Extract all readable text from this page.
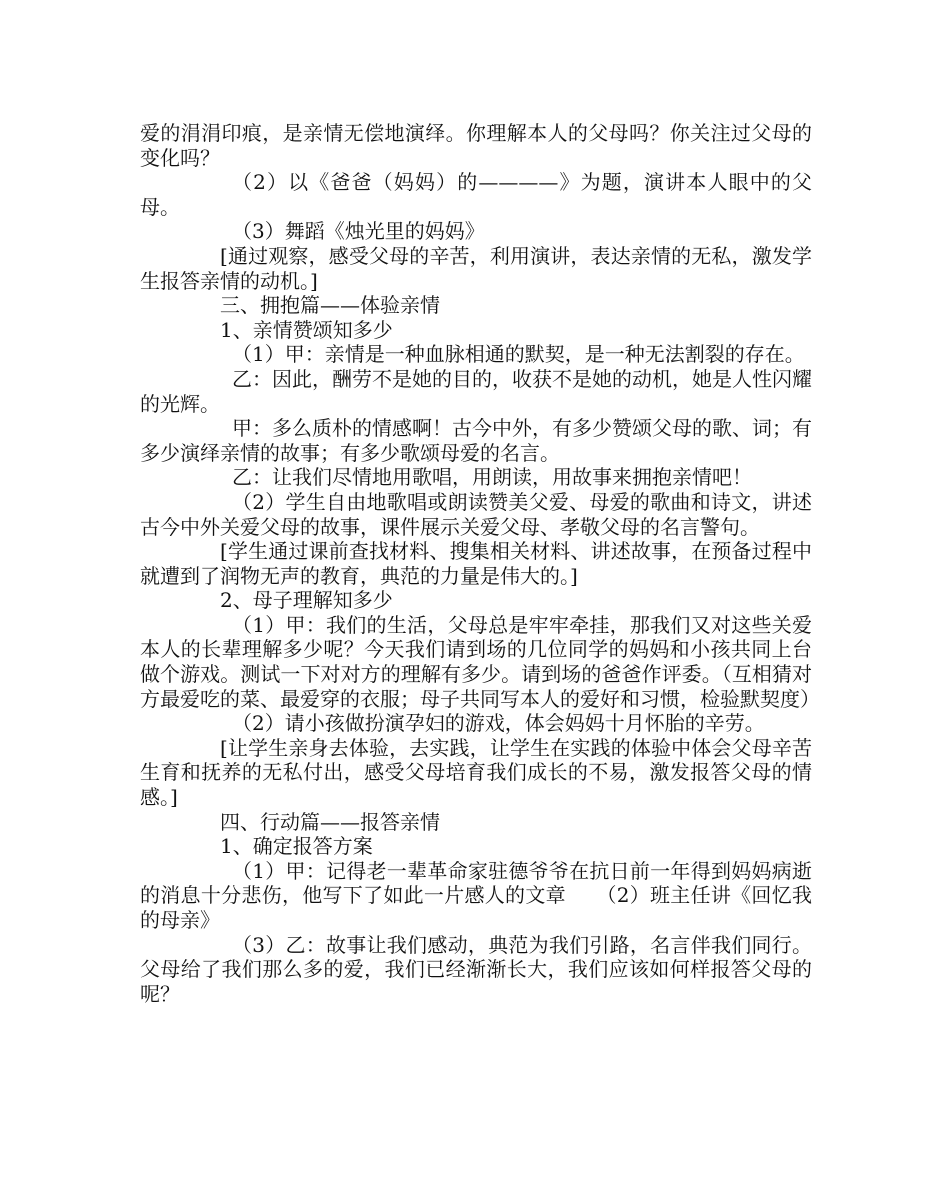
爱的涓涓印痕，是亲情无偿地演绎。你理解本人的父母吗？你关注过父母的变化吗？

（2）以《爸爸（妈妈）的————》为题，演讲本人眼中的父母。

（3）舞蹈《烛光里的妈妈》

[通过观察，感受父母的辛苦，利用演讲，表达亲情的无私，激发学生报答亲情的动机。]

三、拥抱篇——体验亲情

1、亲情赞颂知多少

（1）甲：亲情是一种血脉相通的默契，是一种无法割裂的存在。

乙：因此，酬劳不是她的目的，收获不是她的动机，她是人性闪耀的光辉。

甲：多么质朴的情感啊！古今中外，有多少赞颂父母的歌、词；有多少演绎亲情的故事；有多少歌颂母爱的名言。

乙：让我们尽情地用歌唱，用朗读，用故事来拥抱亲情吧！

（2）学生自由地歌唱或朗读赞美父爱、母爱的歌曲和诗文，讲述古今中外关爱父母的故事，课件展示关爱父母、孝敬父母的名言警句。

[学生通过课前查找材料、搜集相关材料、讲述故事，在预备过程中就遭到了润物无声的教育，典范的力量是伟大的。]

2、母子理解知多少

（1）甲：我们的生活，父母总是牢牢牵挂，那我们又对这些关爱本人的长辈理解多少呢？今天我们请到场的几位同学的妈妈和小孩共同上台做个游戏。测试一下对对方的理解有多少。请到场的爸爸作评委。（互相猜对方最爱吃的菜、最爱穿的衣服；母子共同写本人的爱好和习惯，检验默契度）

（2）请小孩做扮演孕妇的游戏，体会妈妈十月怀胎的辛劳。

[让学生亲身去体验，去实践，让学生在实践的体验中体会父母辛苦生育和抚养的无私付出，感受父母培育我们成长的不易，激发报答父母的情感。]

四、行动篇——报答亲情

1、确定报答方案

（1）甲：记得老一辈革命家驻德爷爷在抗日前一年得到妈妈病逝的消息十分悲伤，他写下了如此一片感人的文章　　（2）班主任讲《回忆我的母亲》

（3）乙：故事让我们感动，典范为我们引路，名言伴我们同行。父母给了我们那么多的爱，我们已经渐渐长大，我们应该如何样报答父母的呢？
